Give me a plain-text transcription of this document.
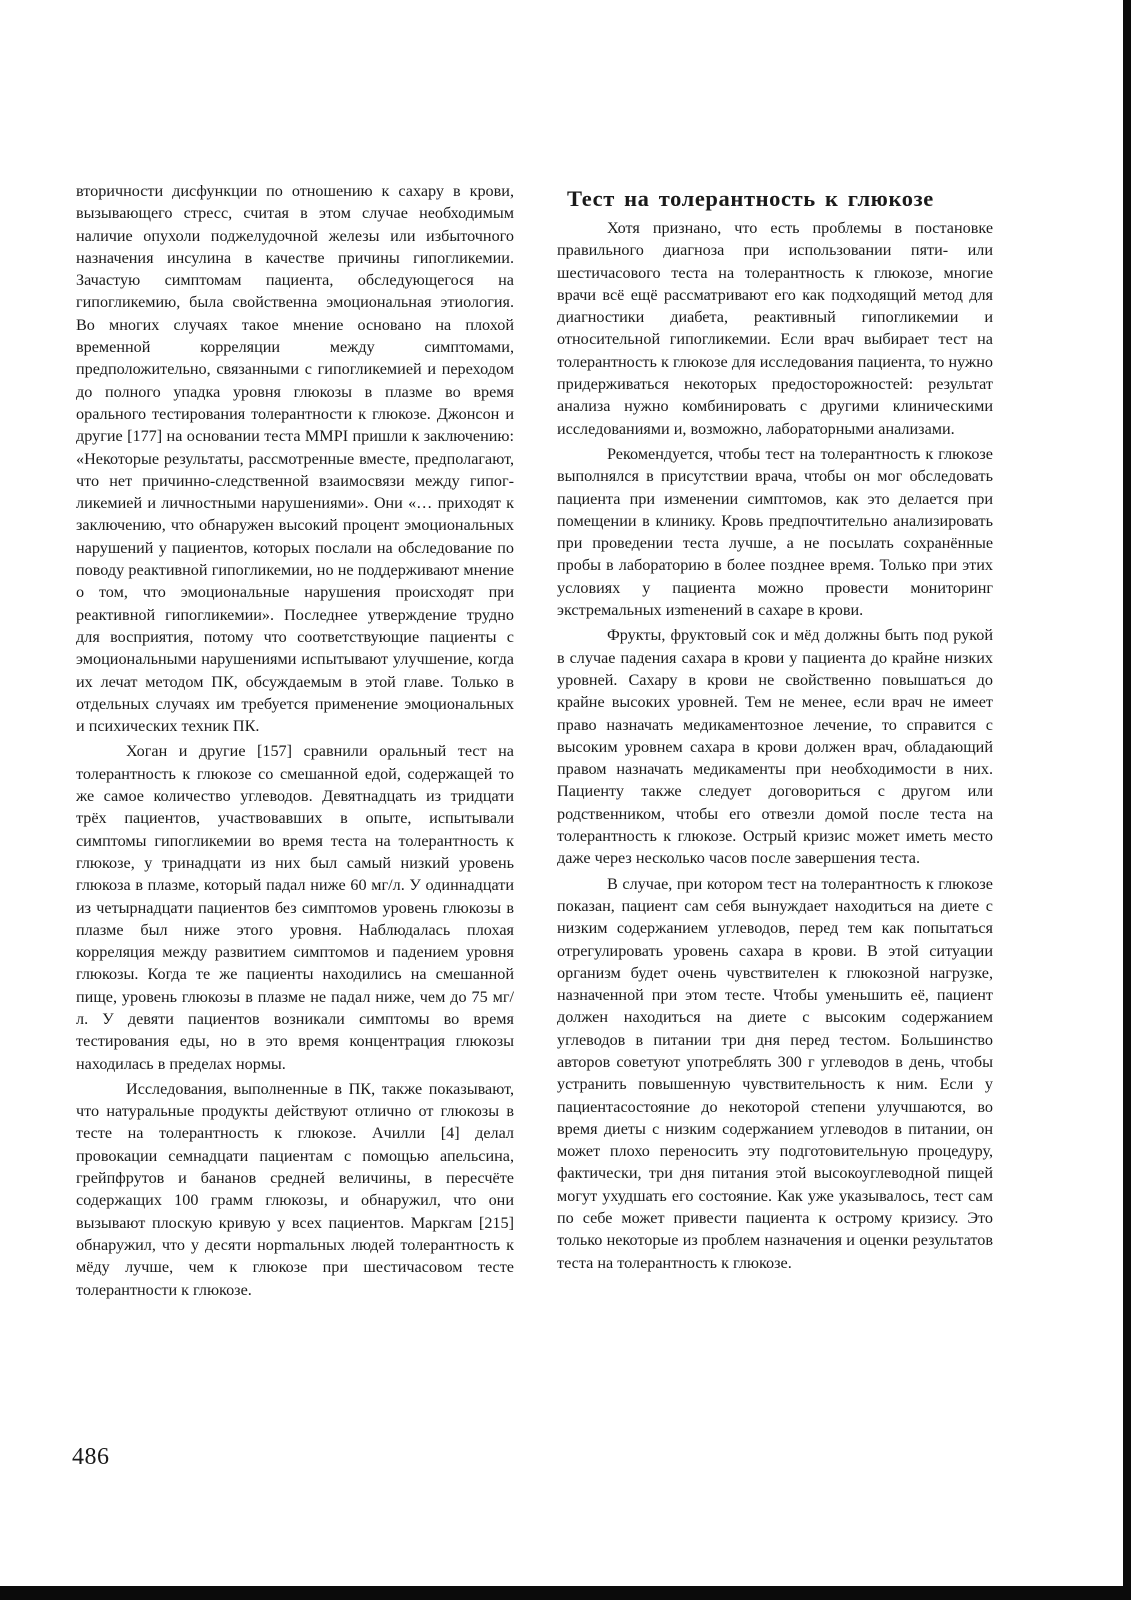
вторичности дисфункции по отношению к сахару в крови, вызывающего стресс, считая в этом случае необходимым наличие опухоли поджелудочной железы или избыточного назначения инсулина в качестве причины гипогликемии. Зачастую симптомам пациента, обследующегося на гипогликемию, была свойственна эмоциональная этиология. Во многих случаях такое мнение основано на плохой временной корреляции между симптомами, предположительно, связанными с гипогликемией и переходом до полного упадка уровня глюкозы в плазме во время орального тестирования толерантности к глюкозе. Джонсон и другие [177] на основании теста MMPI пришли к заключению: «Некоторые результаты, рассмотренные вместе, предполагают, что нет причинно-следственной взаимосвязи между гипогликемией и личностными нарушениями». Они «… приходят к заключению, что обнаружен высокий процент эмоциональных нарушений у пациентов, которых послали на обследование по поводу реактивной гипогликемии, но не поддерживают мнение о том, что эмоциональные нарушения происходят при реактивной гипогликемии». Последнее утверждение трудно для восприятия, потому что соответствующие пациенты с эмоциональными нарушениями испытывают улучшение, когда их лечат методом ПК, обсуждаемым в этой главе. Только в отдельных случаях им требуется применение эмоциональных и психических техник ПК.

Хоган и другие [157] сравнили оральный тест на толерантность к глюкозе со смешанной едой, содержащей то же самое количество углеводов. Девятнадцать из тридцати трёх пациентов, участвовавших в опыте, испытывали симптомы гипогликемии во время теста на толерантность к глюкозе, у тринадцати из них был самый низкий уровень глюкоза в плазме, который падал ниже 60 мг/л. У одиннадцати из четырнадцати пациентов без симптомов уровень глюкозы в плазме был ниже этого уровня. Наблюдалась плохая корреляция между развитием симптомов и падением уровня глюкозы. Когда те же пациенты находились на смешанной пище, уровень глюкозы в плазме не падал ниже, чем до 75 мг/л. У девяти пациентов возникали симптомы во время тестирования еды, но в это время концентрация глюкозы находилась в пределах нормы.

Исследования, выполненные в ПК, также показывают, что натуральные продукты действуют отлично от глюкозы в тесте на толерантность к глюкозе. Ачилли [4] делал провокации семнадцати пациентам с помощью апельсина, грейпфрутов и бананов средней величины, в пересчёте содержащих 100 грамм глюкозы, и обнаружил, что они вызывают плоскую кривую у всех пациентов. Маркгам [215] обнаружил, что у десяти норmальных людей толерантность к мёду лучше, чем к глюкозе при шестичасовом тесте толерантности к глюкозе.

Тест на толерантность к глюкозе

Хотя признано, что есть проблемы в постановке правильного диагноза при использовании пяти- или шестичасового теста на толерантность к глюкозе, многие врачи всё ещё рассматривают его как подходящий метод для диагностики диабета, реактивный гипогликемии и относительной гипогликемии. Если врач выбирает тест на толерантность к глюкозе для исследования пациента, то нужно придерживаться некоторых предосторожностей: результат анализа нужно комбинировать с другими клиническими исследованиями и, возможно, лабораторными анализами.

Рекомендуется, чтобы тест на толерантность к глюкозе выполнялся в присутствии врача, чтобы он мог обследовать пациента при изменении симптомов, как это делается при помещении в клинику. Кровь предпочтительно анализировать при проведении теста лучше, а не посылать сохранённые пробы в лабораторию в более позднее время. Только при этих условиях у пациента можно провести мониторинг экстремальных изmенений в сахаре в крови.

Фрукты, фруктовый сок и мёд должны быть под рукой в случае падения сахара в крови у пациента до крайне низких уровней. Сахару в крови не свойственно повышаться до крайне высоких уровней. Тем не менее, если врач не имеет право назначать медикаментозное лечение, то справится с высоким уровнем сахара в крови должен врач, обладающий правом назначать медикаменты при необходимости в них. Пациенту также следует договориться с другом или родственником, чтобы его отвезли домой после теста на толерантность к глюкозе. Острый кризис может иметь место даже через несколько часов после завершения теста.

В случае, при котором тест на толерантность к глюкозе показан, пациент сам себя вынуждает находиться на диете с низким содержанием углеводов, перед тем как попытаться отрегулировать уровень сахара в крови. В этой ситуации организм будет очень чувствителен к глюкозной нагрузке, назначенной при этом тесте. Чтобы уменьшить её, пациент должен находиться на диете с высоким содержанием углеводов в питании три дня перед тестом. Большинство авторов советуют употреблять 300 г углеводов в день, чтобы устранить повышенную чувствительность к ним. Если у пациентасостояние до некоторой степени улучшаются, во время диеты с низким содержанием углеводов в питании, он может плохо переносить эту подготовительную процедуру, фактически, три дня питания этой высокоуглеводной пищей могут ухудшать его состояние. Как уже указывалось, тест сам по себе может привести пациента к острому кризису. Это только некоторые из проблем назначения и оценки результатов теста на толерантность к глюкозе.

486
